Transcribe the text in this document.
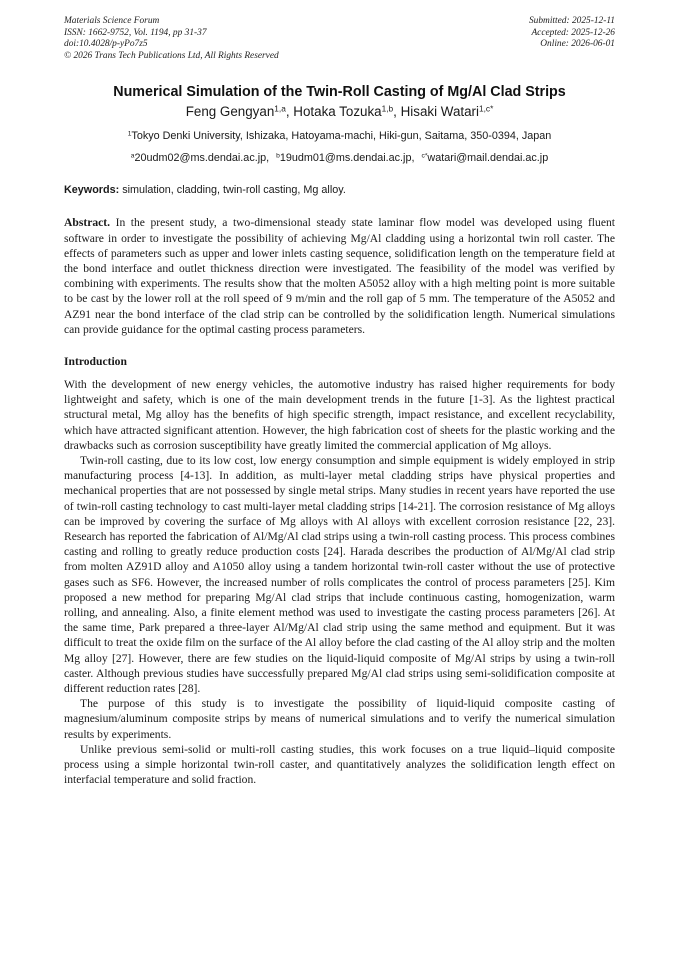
Materials Science Forum
ISSN: 1662-9752, Vol. 1194, pp 31-37
doi:10.4028/p-yPo7z5
© 2026 Trans Tech Publications Ltd, All Rights Reserved
Submitted: 2025-12-11
Accepted: 2025-12-26
Online: 2026-06-01
Numerical Simulation of the Twin-Roll Casting of Mg/Al Clad Strips
Feng Gengyan$^{1,a}$, Hotaka Tozuka$^{1,b}$, Hisaki Watari$^{1,c*}$
$^1$Tokyo Denki University, Ishizaka, Hatoyama-machi, Hiki-gun, Saitama, 350-0394, Japan
$^a$20udm02@ms.dendai.ac.jp, $^b$19udm01@ms.dendai.ac.jp, $^{c*}$watari@mail.dendai.ac.jp
Keywords: simulation, cladding, twin-roll casting, Mg alloy.
Abstract. In the present study, a two-dimensional steady state laminar flow model was developed using fluent software in order to investigate the possibility of achieving Mg/Al cladding using a horizontal twin roll caster. The effects of parameters such as upper and lower inlets casting sequence, solidification length on the temperature field at the bond interface and outlet thickness direction were investigated. The feasibility of the model was verified by combining with experiments. The results show that the molten A5052 alloy with a high melting point is more suitable to be cast by the lower roll at the roll speed of 9 m/min and the roll gap of 5 mm. The temperature of the A5052 and AZ91 near the bond interface of the clad strip can be controlled by the solidification length. Numerical simulations can provide guidance for the optimal casting process parameters.
Introduction

With the development of new energy vehicles, the automotive industry has raised higher requirements for body lightweight and safety, which is one of the main development trends in the future [1-3]. As the lightest practical structural metal, Mg alloy has the benefits of high specific strength, impact resistance, and excellent recyclability, which have attracted significant attention. However, the high fabrication cost of sheets for the plastic working and the drawbacks such as corrosion susceptibility have greatly limited the commercial application of Mg alloys.

Twin-roll casting, due to its low cost, low energy consumption and simple equipment is widely employed in strip manufacturing process [4-13]. In addition, as multi-layer metal cladding strips have physical properties and mechanical properties that are not possessed by single metal strips. Many studies in recent years have reported the use of twin-roll casting technology to cast multi-layer metal cladding strips [14-21]. The corrosion resistance of Mg alloys can be improved by covering the surface of Mg alloys with Al alloys with excellent corrosion resistance [22, 23]. Research has reported the fabrication of Al/Mg/Al clad strips using a twin-roll casting process. This process combines casting and rolling to greatly reduce production costs [24]. Harada describes the production of Al/Mg/Al clad strip from molten AZ91D alloy and A1050 alloy using a tandem horizontal twin-roll caster without the use of protective gases such as SF6. However, the increased number of rolls complicates the control of process parameters [25]. Kim proposed a new method for preparing Mg/Al clad strips that include continuous casting, homogenization, warm rolling, and annealing. Also, a finite element method was used to investigate the casting process parameters [26]. At the same time, Park prepared a three-layer Al/Mg/Al clad strip using the same method and equipment. But it was difficult to treat the oxide film on the surface of the Al alloy before the clad casting of the Al alloy strip and the molten Mg alloy [27]. However, there are few studies on the liquid-liquid composite of Mg/Al strips by using a twin-roll caster. Although previous studies have successfully prepared Mg/Al clad strips using semi-solidification composite at different reduction rates [28].

The purpose of this study is to investigate the possibility of liquid-liquid composite casting of magnesium/aluminum composite strips by means of numerical simulations and to verify the numerical simulation results by experiments.

Unlike previous semi-solid or multi-roll casting studies, this work focuses on a true liquid–liquid composite process using a simple horizontal twin-roll caster, and quantitatively analyzes the solidification length effect on interfacial temperature and solid fraction.
